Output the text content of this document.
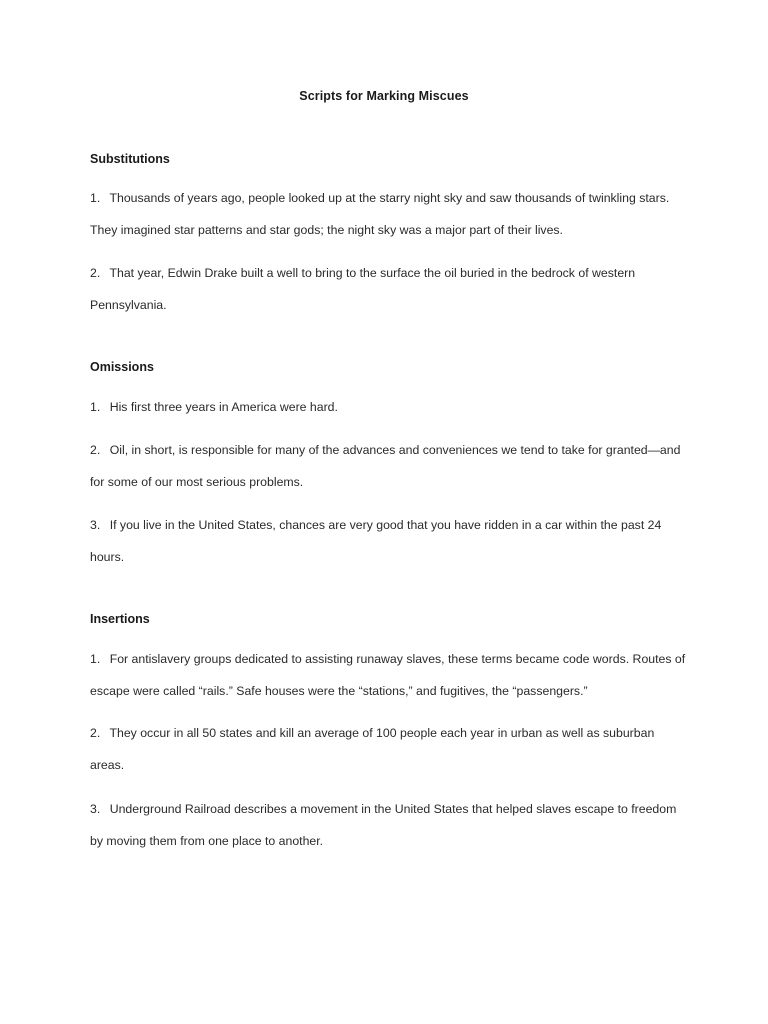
Scripts for Marking Miscues
Substitutions
1. Thousands of years ago, people looked up at the starry night sky and saw thousands of twinkling stars. They imagined star patterns and star gods; the night sky was a major part of their lives.
2. That year, Edwin Drake built a well to bring to the surface the oil buried in the bedrock of western Pennsylvania.
Omissions
1. His first three years in America were hard.
2. Oil, in short, is responsible for many of the advances and conveniences we tend to take for granted—and for some of our most serious problems.
3. If you live in the United States, chances are very good that you have ridden in a car within the past 24 hours.
Insertions
1. For antislavery groups dedicated to assisting runaway slaves, these terms became code words. Routes of escape were called “rails.” Safe houses were the “stations,” and fugitives, the “passengers.”
2. They occur in all 50 states and kill an average of 100 people each year in urban as well as suburban areas.
3. Underground Railroad describes a movement in the United States that helped slaves escape to freedom by moving them from one place to another.
